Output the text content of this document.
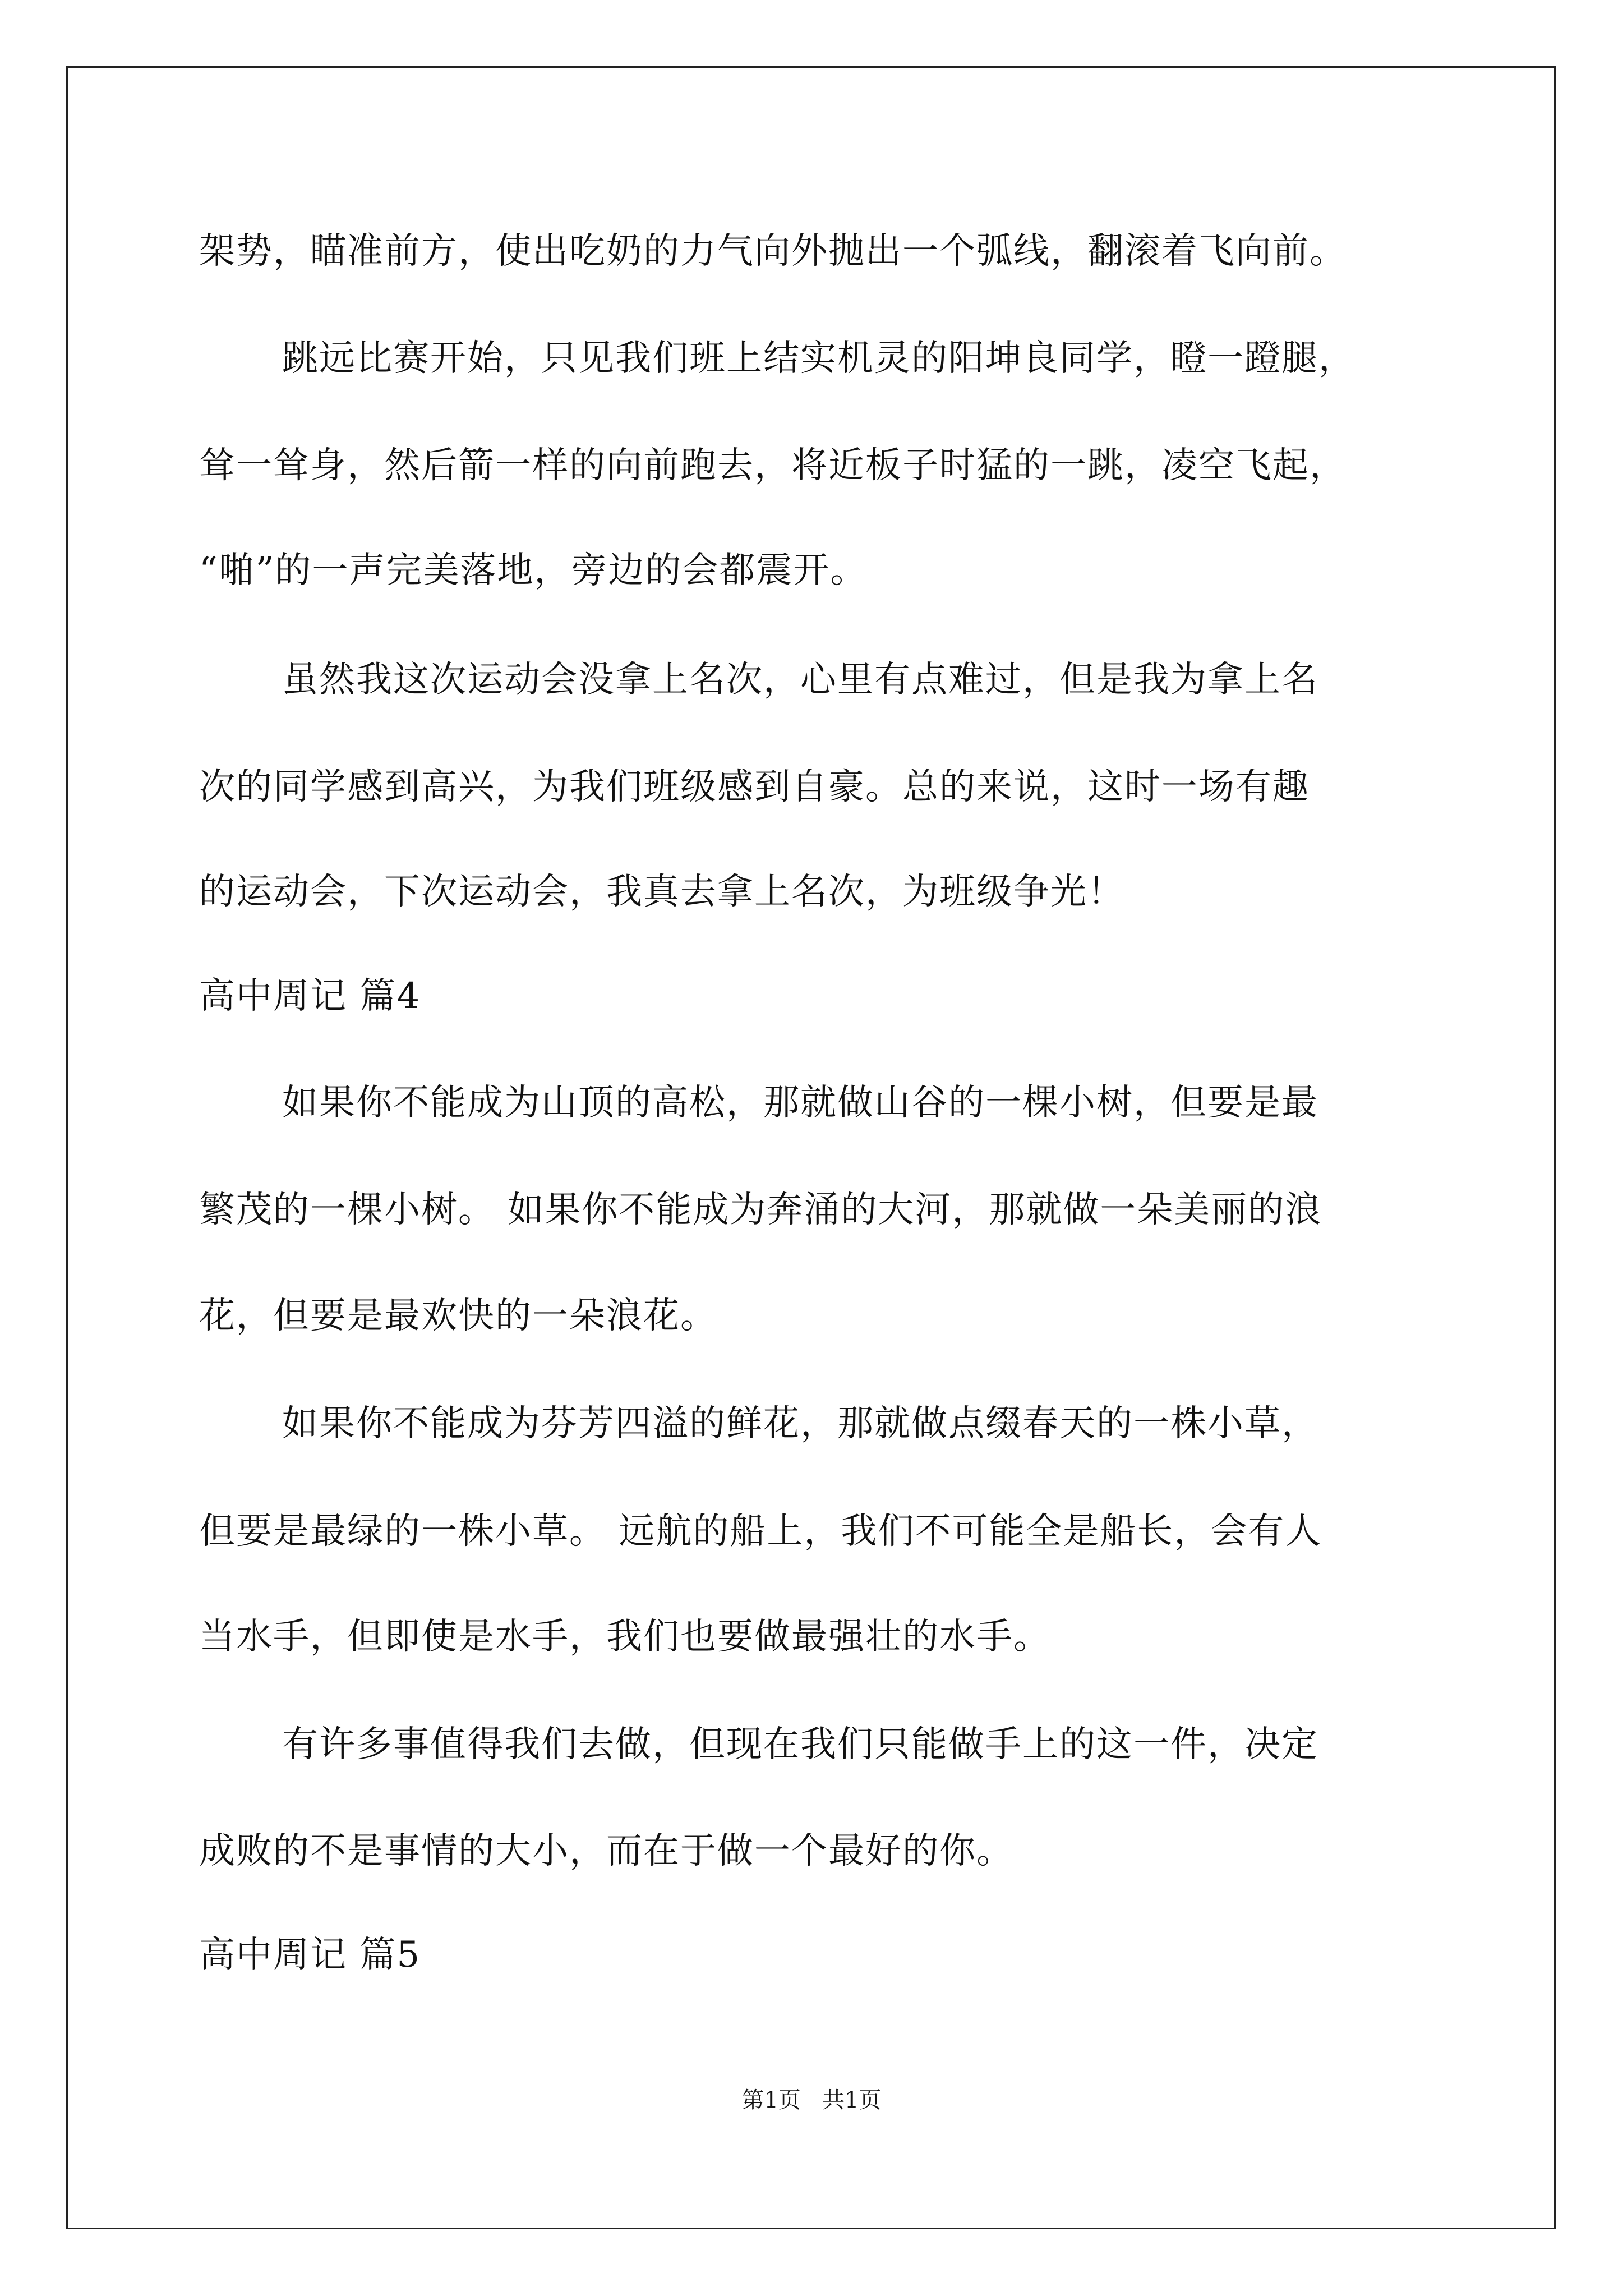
架势，瞄准前方，使出吃奶的力气向外抛出一个弧线，翻滚着飞向前。
跳远比赛开始，只见我们班上结实机灵的阳坤良同学，瞪一蹬腿，
耸一耸身，然后箭一样的向前跑去，将近板子时猛的一跳，凌空飞起，
“啪”的一声完美落地，旁边的会都震开。
虽然我这次运动会没拿上名次，心里有点难过，但是我为拿上名
次的同学感到高兴，为我们班级感到自豪。总的来说，这时一场有趣
的运动会，下次运动会，我真去拿上名次，为班级争光！
高中周记 篇4
如果你不能成为山顶的高松，那就做山谷的一棵小树，但要是最
繁茂的一棵小树。 如果你不能成为奔涌的大河，那就做一朵美丽的浪
花，但要是最欢快的一朵浪花。
如果你不能成为芬芳四溢的鲜花，那就做点缀春天的一株小草，
但要是最绿的一株小草。 远航的船上，我们不可能全是船长，会有人
当水手，但即使是水手，我们也要做最强壮的水手。
有许多事值得我们去做，但现在我们只能做手上的这一件，决定
成败的不是事情的大小，而在于做一个最好的你。
高中周记 篇5
第1页   共1页
